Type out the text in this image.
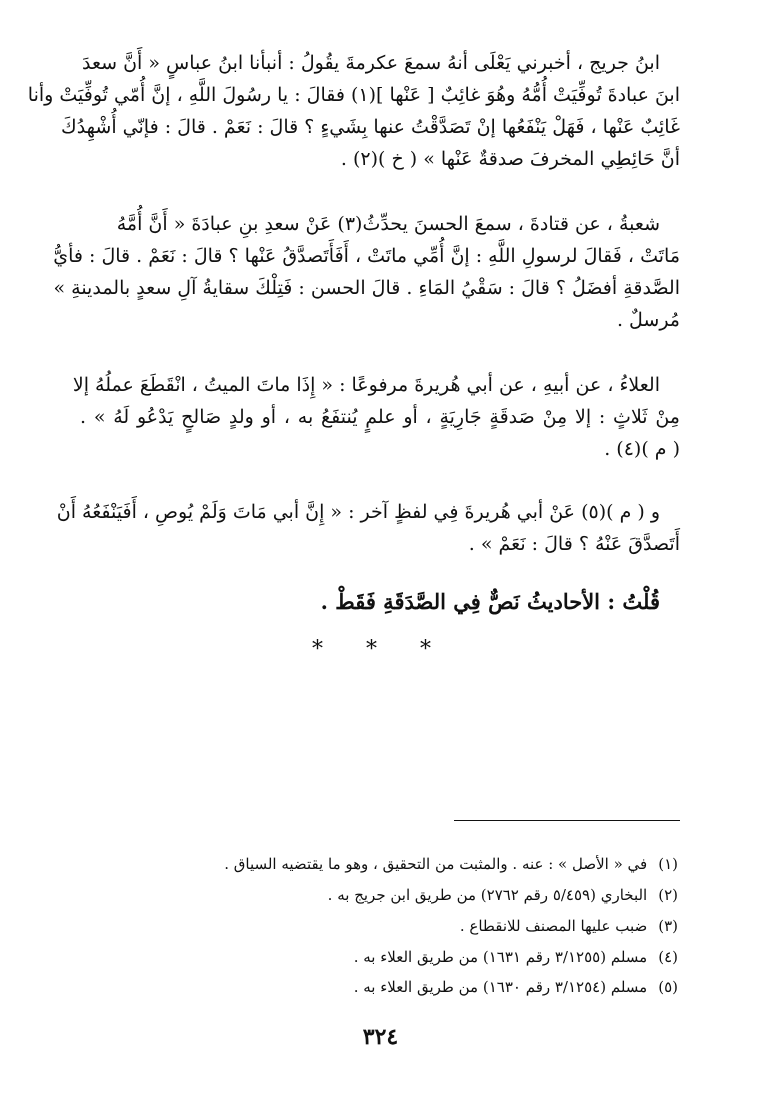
ابنُ جريج ، أخبرني يَعْلَى أنهُ سمعَ عكرمةَ يقُولُ : أنبأنا ابنُ عباسٍ « أَنَّ سعدَ
ابنَ عبادةَ تُوفِّيَتْ أُمُّهُ وهُوَ غائِبٌ [ عَنْها ](١) فقالَ : يا رسُولَ اللَّهِ ، إنَّ أُمّي تُوفِّيَتْ وأنا
غَائِبٌ عَنْها ، فَهَلْ يَنْفَعُها إنْ تَصَدَّقْتُ عنها بِشَيءٍ ؟ قالَ : نَعَمْ . قالَ : فإنّي أُشْهِدُكَ
أنَّ حَائِطِي المخرفَ صدقةٌ عَنْها » ( خ )(٢) .
شعبةُ ، عن قتادةَ ، سمعَ الحسنَ يحدِّثُ(٣) عَنْ سعدِ بنِ عبادَةَ « أَنَّ أُمَّهُ
مَاتَتْ ، فَقالَ لرسولِ اللَّهِ : إنَّ أُمِّي ماتَتْ ، أَفَأَتَصدَّقُ عَنْها ؟ قالَ : نَعَمْ . قالَ : فأيُّ
الصَّدقةِ أفضَلُ ؟ قالَ : سَقْيُ المَاءِ . قالَ الحسن : فَتِلْكَ سقايةُ آلِ سعدٍ بالمدينةِ »
مُرسلٌ .
العلاءُ ، عن أبيهِ ، عن أبي هُريرةَ مرفوعًا : « إِذَا ماتَ الميتُ ، انْقَطَعَ عملُهُ إلا
مِنْ ثَلاثٍ : إلا مِنْ صَدقَةٍ جَارِيَةٍ ، أو علمٍ يُنتفَعُ به ، أو ولدٍ صَالحٍ يَدْعُو لَهُ » .
( م )(٤) .
و ( م )(٥) عَنْ أبي هُريرةَ فِي لفظٍ آخر : « إِنَّ أبي مَاتَ وَلَمْ يُوصِ ، أَفَيَنْفَعُهُ أَنْ
أَتَصدَّقَ عَنْهُ ؟ قالَ : نَعَمْ » .
قُلْتُ : الأحاديثُ نَصٌّ فِي الصَّدَقَةِ فَقَطْ .
* * *
(١) في « الأصل » : عنه . والمثبت من التحقيق ، وهو ما يقتضيه السياق .
(٢) البخاري (٥/٤٥٩ رقم ٢٧٦٢) من طريق ابن جريج به .
(٣) ضبب عليها المصنف للانقطاع .
(٤) مسلم (٣/١٢٥٥ رقم ١٦٣١) من طريق العلاء به .
(٥) مسلم (٣/١٢٥٤ رقم ١٦٣٠) من طريق العلاء به .
٣٢٤
